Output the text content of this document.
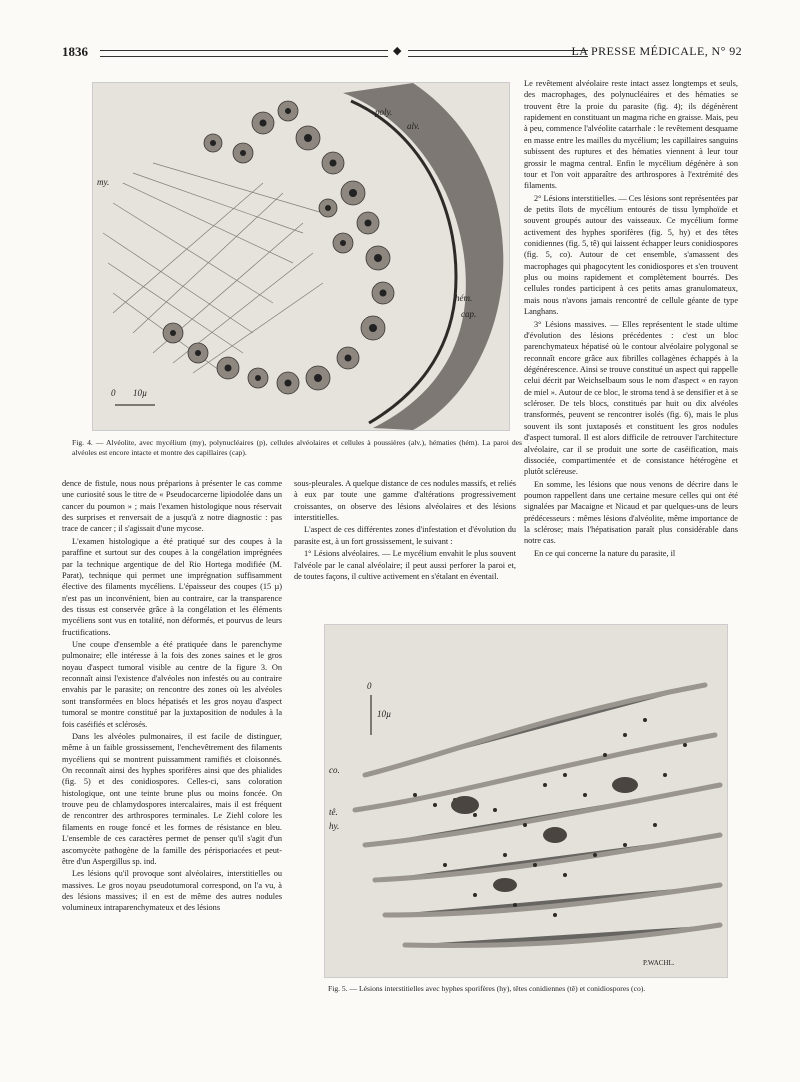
1836	◆	LA PRESSE MÉDICALE, N° 92
poly.
alv.
my.
hém.
cap.
0 10µ
Fig. 4. — Alvéolite, avec mycélium (my), polynucléaires (p), cellules alvéolaires et cellules à poussières (alv.), hématies (hém). La paroi des alvéoles est encore intacte et montre des capillaires (cap).

dence de fistule, nous nous préparions à présenter le cas comme une curiosité sous le titre de « Pseudocarcerne lipiodolée dans un cancer du poumon » ; mais l'examen histologique nous réservait des surprises et renversait de a jusqu'à z notre diagnostic : pas trace de cancer ; il s'agissait d'une mycose.

L'examen histologique a été pratiqué sur des coupes à la paraffine et surtout sur des coupes à la congélation imprégnées par la technique argentique de del Rio Hortega modifiée (M. Parat), technique qui permet une imprégnation suffisamment élective des filaments mycéliens. L'épaisseur des coupes (15 µ) n'est pas un inconvénient, bien au contraire, car la transparence des tissus est conservée grâce à la congélation et les éléments mycéliens sont vus en totalité, non déformés, et pourvus de leurs fructifications.

Une coupe d'ensemble a été pratiquée dans le parenchyme pulmonaire; elle intéresse à la fois des zones saines et le gros noyau d'aspect tumoral visible au centre de la figure 3. On reconnaît ainsi l'existence d'alvéoles non infestés ou au contraire envahis par le parasite; on rencontre des zones où les alvéoles sont transformées en blocs hépatisés et les gros noyau d'aspect tumoral se montre constitué par la juxtaposition de nodules à la fois caséifiés et sclérosés.

Dans les alvéoles pulmonaires, il est facile de distinguer, même à un faible grossissement, l'enchevêtrement des filaments mycéliens qui se montrent puissamment ramifiés et cloisonnés. On reconnaît ainsi des hyphes sporifères ainsi que des phialides (fig. 5) et des conidiospores. Celles-ci, sans coloration histologique, ont une teinte brune plus ou moins foncée. On trouve peu de chlamydospores intercalaires, mais il est fréquent de rencontrer des arthrospores terminales. Le Ziehl colore les filaments en rouge foncé et les formes de résistance en bleu. L'ensemble de ces caractères permet de penser qu'il s'agit d'un ascomycète pathogène de la famille des périsporiacées et peut-être d'un Aspergillus sp. ind.

Les lésions qu'il provoque sont alvéolaires, interstitielles ou massives. Le gros noyau pseudotumoral correspond, on l'a vu, à des lésions massives; il en est de même des autres nodules volumineux intraparenchymateux et des lésions

sous-pleurales. A quelque distance de ces nodules massifs, et reliés à eux par toute une gamme d'altérations progressivement croissantes, on observe des lésions alvéolaires et des lésions interstitielles.

L'aspect de ces différentes zones d'infestation et d'évolution du parasite est, à un fort grossissement, le suivant :

1° Lésions alvéolaires. — Le mycélium envahit le plus souvent l'alvéole par le canal alvéolaire; il peut aussi perforer la paroi et, de toutes façons, il cultive activement en s'étalant en éventail.

Le revêtement alvéolaire reste intact assez longtemps et seuls, des macrophages, des polynucléaires et des hématies se trouvent être la proie du parasite (fig. 4); ils dégénèrent rapidement en constituant un magma riche en graisse. Mais, peu à peu, commence l'alvéolite catarrhale : le revêtement desquame en masse entre les mailles du mycélium; les capillaires sanguins subissent des ruptures et des hématies viennent à leur tour grossir le magma central. Enfin le mycélium dégénère à son tour et l'on voit apparaître des arthrospores à l'extrémité des filaments.

2° Lésions interstitielles. — Ces lésions sont représentées par de petits îlots de mycélium entourés de tissu lymphoïde et souvent groupés autour des vaisseaux. Ce mycélium forme activement des hyphes sporifères (fig. 5, hy) et des têtes conidiennes (fig. 5, tê) qui laissent échapper leurs conidiospores (fig. 5, co). Autour de cet ensemble, s'amassent des macrophages qui phagocytent les conidiospores et s'en trouvent plus ou moins rapidement et complètement bourrés. Des cellules rondes participent à ces petits amas granulomateux, mais nous n'avons jamais rencontré de cellule géante de type Langhans.

3° Lésions massives. — Elles représentent le stade ultime d'évolution des lésions précédentes : c'est un bloc parenchymateux hépatisé où le contour alvéolaire polygonal se reconnaît encore grâce aux fibrilles collagènes échappés à la dégénérescence. Ainsi se trouve constitué un aspect qui rappelle celui décrit par Weichselbaum sous le nom d'aspect « en rayon de miel ». Autour de ce bloc, le stroma tend à se densifier et à se scléroser. De tels blocs, constitués par huit ou dix alvéoles transformés, peuvent se rencontrer isolés (fig. 6), mais le plus souvent ils sont juxtaposés et constituent les gros nodules d'aspect tumoral. Il est alors difficile de retrouver l'architecture alvéolaire, car il se produit une sorte de caséification, mais dissociée, compartimentée et de consistance hétérogène et plutôt scléreuse.

En somme, les lésions que nous venons de décrire dans le poumon rappellent dans une certaine mesure celles qui ont été signalées par Macaigne et Nicaud et par quelques-uns de leurs prédécesseurs : mêmes lésions d'alvéolite, même importance de la sclérose; mais l'hépatisation paraît plus considérable dans notre cas.

En ce qui concerne la nature du parasite, il

0
10µ
co.
tê.
hy.
P.WACHL.
Fig. 5. — Lésions interstitielles avec hyphes sporifères (hy), têtes conidiennes (tê) et conidiospores (co).
